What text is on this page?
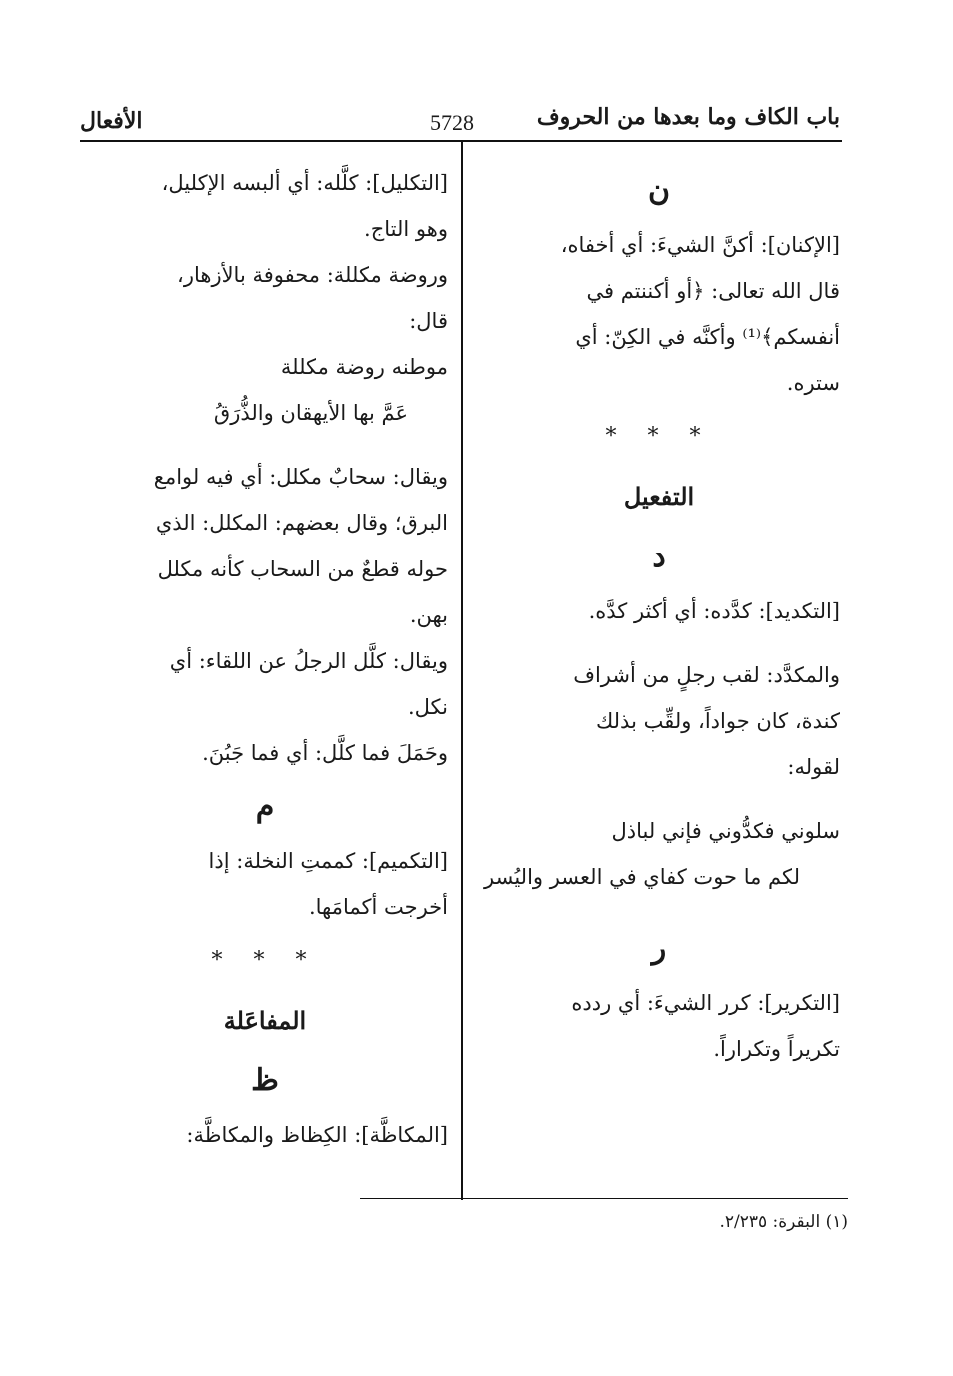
باب الكاف وما بعدها من الحروف
5728
الأفعال
ن
[الإكنان]: أكنَّ الشيءَ: أي أخفاه،
قال الله تعالى: ﴿أو أكننتم في
أنفسكم﴾⁽¹⁾ وأكنَّه في الكِنّ: أي
ستره.
* * *
التفعيل
د
[التكديد]: كدَّده: أي أكثر كدَّه.
والمكدَّد: لقب رجلٍ من أشراف
كندة، كان جواداً، ولقِّب بذلك
لقوله:
سلوني فكدُّوني فإني لباذل
لكم ما حوت كفاي في العسر واليُسر
ر
[التكرير]: كرر الشيءَ: أي ردده
تكريراً وتكراراً.
[التكليل]: كلَّله: أي ألبسه الإكليل،
وهو التاج.
وروضة مكللة: محفوفة بالأزهار،
قال:
موطنه روضة مكللة
عَمَّ بها الأيهقان والذُّرَقُ
ويقال: سحابٌ مكلل: أي فيه لوامع
البرق؛ وقال بعضهم: المكلل: الذي
حوله قطعٌ من السحاب كأنه مكلل
بهن.
ويقال: كلَّل الرجلُ عن اللقاء: أي
نكل.
وحَمَلَ فما كلَّل: أي فما جَبُنَ.
م
[التكميم]: كممتِ النخلة: إذا
أخرجت أكمامَها.
* * *
المفاعَلة
ظ
[المكاظَّة]: الكِظاظ والمكاظَّة:
(١) البقرة: ٢/٢٣٥.
